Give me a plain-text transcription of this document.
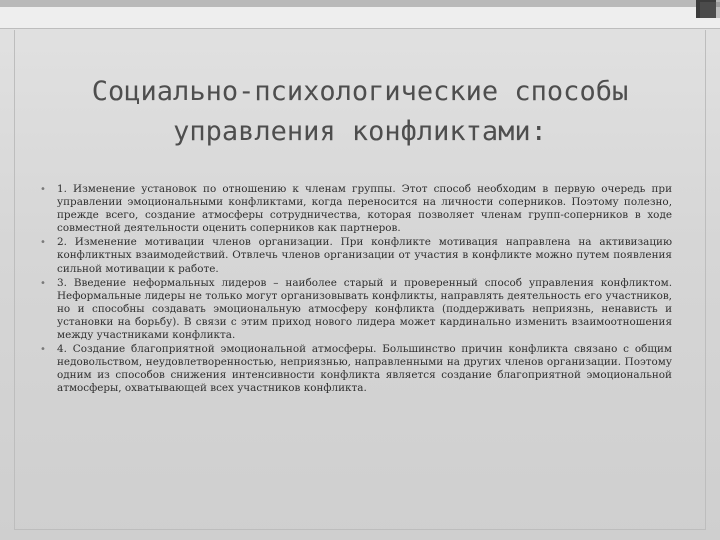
Социально-психологические способы
управления конфликтами:
•	1. Изменение установок по отношению к членам группы. Этот способ необходим в первую очередь при управлении эмоциональными конфликтами, когда переносится на личности соперников. Поэтому полезно, прежде всего, создание атмосферы сотрудничества, которая позволяет членам групп-соперников в ходе совместной деятельности оценить соперников как партнеров.
•	2. Изменение мотивации членов организации. При конфликте мотивация направлена на активизацию конфликтных взаимодействий. Отвлечь членов организации от участия в конфликте можно путем появления сильной мотивации к работе.
•	3. Введение неформальных лидеров – наиболее старый и проверенный способ управления конфликтом. Неформальные лидеры не только могут организовывать конфликты, направлять деятельность его участников, но и способны создавать эмоциональную атмосферу конфликта (поддерживать неприязнь, ненависть и установки на борьбу). В связи с этим приход нового лидера может кардинально изменить взаимоотношения между участниками конфликта.
•	4. Создание благоприятной эмоциональной атмосферы. Большинство причин конфликта связано с общим недовольством, неудовлетворенностью, неприязнью, направленными на других членов организации. Поэтому одним из способов снижения интенсивности конфликта является создание благоприятной эмоциональной атмосферы, охватывающей всех участников конфликта.
